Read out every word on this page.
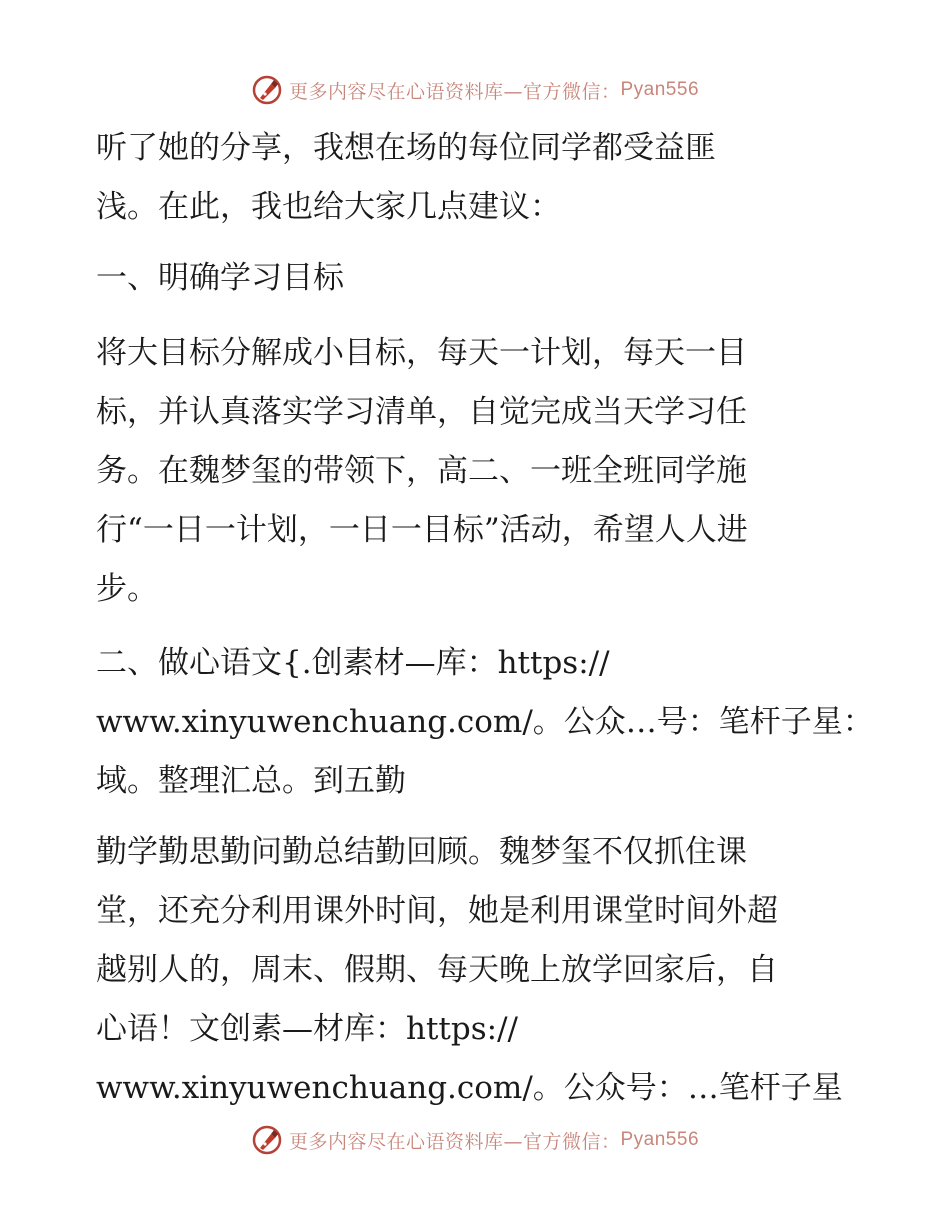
更多内容尽在心语资料库—官方微信： Pyan556
听了她的分享，我想在场的每位同学都受益匪
浅。在此，我也给大家几点建议：
一、明确学习目标
将大目标分解成小目标，每天一计划，每天一目
标，并认真落实学习清单，自觉完成当天学习任
务。在魏梦玺的带领下，高二、一班全班同学施
行“一日一计划，一日一目标”活动，希望人人进
步。
二、做心语文{.创素材—库：https://
www.xinyuwenchuang.com/。公众…号：笔杆子星：
域。整理汇总。到五勤
勤学勤思勤问勤总结勤回顾。魏梦玺不仅抓住课
堂，还充分利用课外时间，她是利用课堂时间外超
越别人的，周末、假期、每天晚上放学回家后，自
心语！文创素—材库：https://
www.xinyuwenchuang.com/。公众号：…笔杆子星
更多内容尽在心语资料库—官方微信： Pyan556
